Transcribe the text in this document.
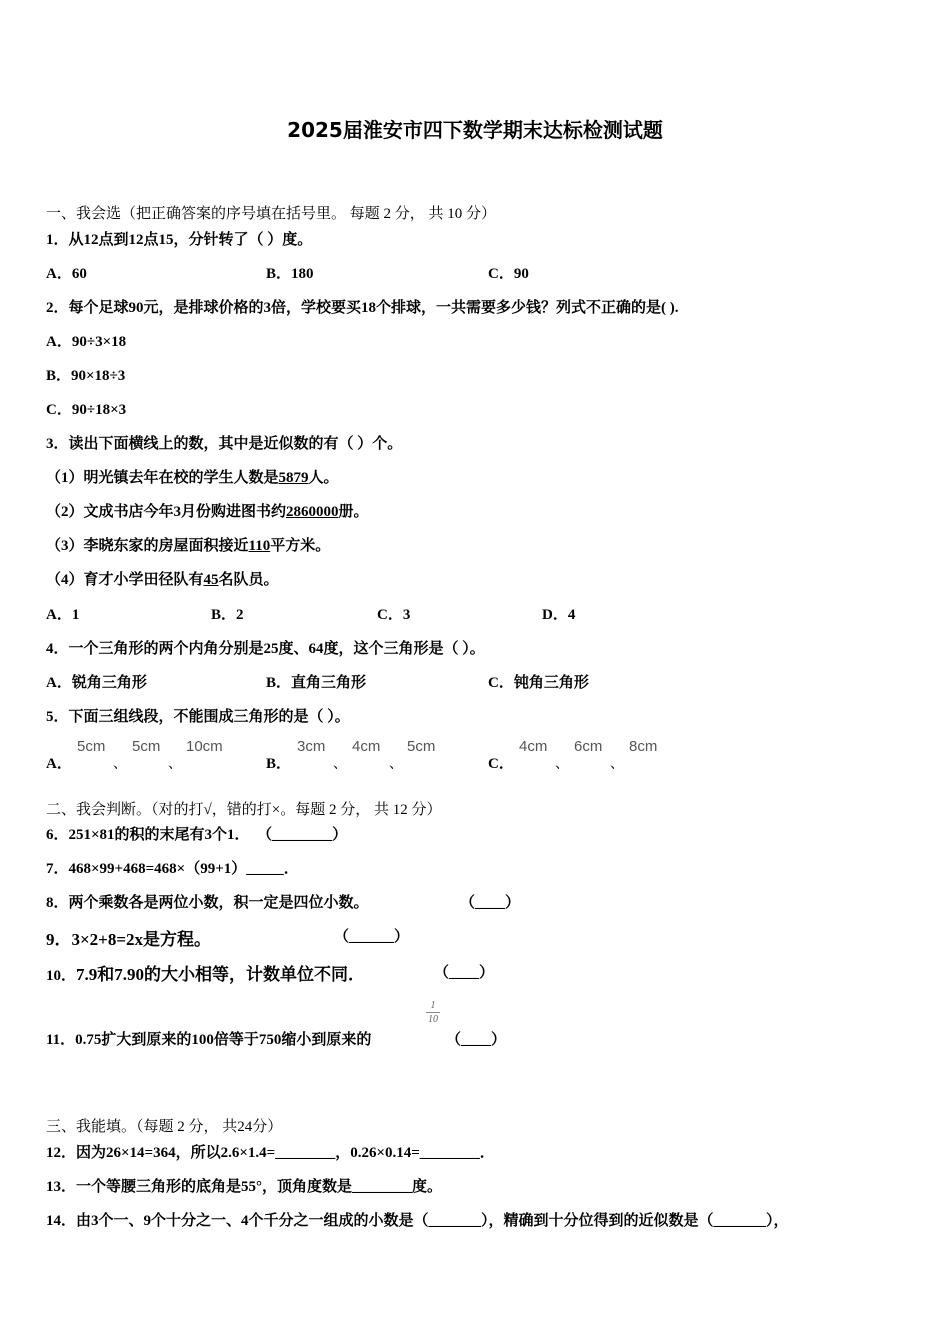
2025届淮安市四下数学期末达标检测试题
一、我会选（把正确答案的序号填在括号里。 每题 2 分， 共 10 分）
1．从12点到12点15，分针转了（ ）度。
A．60	B．180	C．90
2．每个足球90元，是排球价格的3倍，学校要买18个排球，一共需要多少钱？列式不正确的是( ).
A．90÷3×18
B．90×18÷3
C．90÷18×3
3．读出下面横线上的数，其中是近似数的有（ ）个。
（1）明光镇去年在校的学生人数是5879人。
（2）文成书店今年3月份购进图书约2860000册。
（3）李晓东家的房屋面积接近110平方米。
（4）育才小学田径队有45名队员。
A．1	B．2	C．3	D．4
4．一个三角形的两个内角分别是25度、64度，这个三角形是（ ）。
A．锐角三角形	B．直角三角形	C．钝角三角形
5．下面三组线段，不能围成三角形的是（ ）。
A．
5cm
、
5cm
、
10cm
B．
3cm
、
4cm
、
5cm
C．
4cm
、
6cm
、
8cm
二、我会判断。（对的打√，错的打×。每题 2 分， 共 12 分）
6．251×81的积的末尾有3个1． （________）
7．468×99+468=468×（99+1）_____．
8．两个乘数各是两位小数，积一定是四位小数。	（____）
9．3×2+8=2x是方程。	（______）
10．7.9和7.90的大小相等，计数单位不同．	（____）
11．0.75扩大到原来的100倍等于750缩小到原来的
1
10
（____）
三、我能填。（每题 2 分， 共24分）
12．因为26×14=364，所以2.6×1.4=________，0.26×0.14=________．
13．一个等腰三角形的底角是55°，顶角度数是________度。
14．由3个一、9个十分之一、4个千分之一组成的小数是（_______），精确到十分位得到的近似数是（_______），
